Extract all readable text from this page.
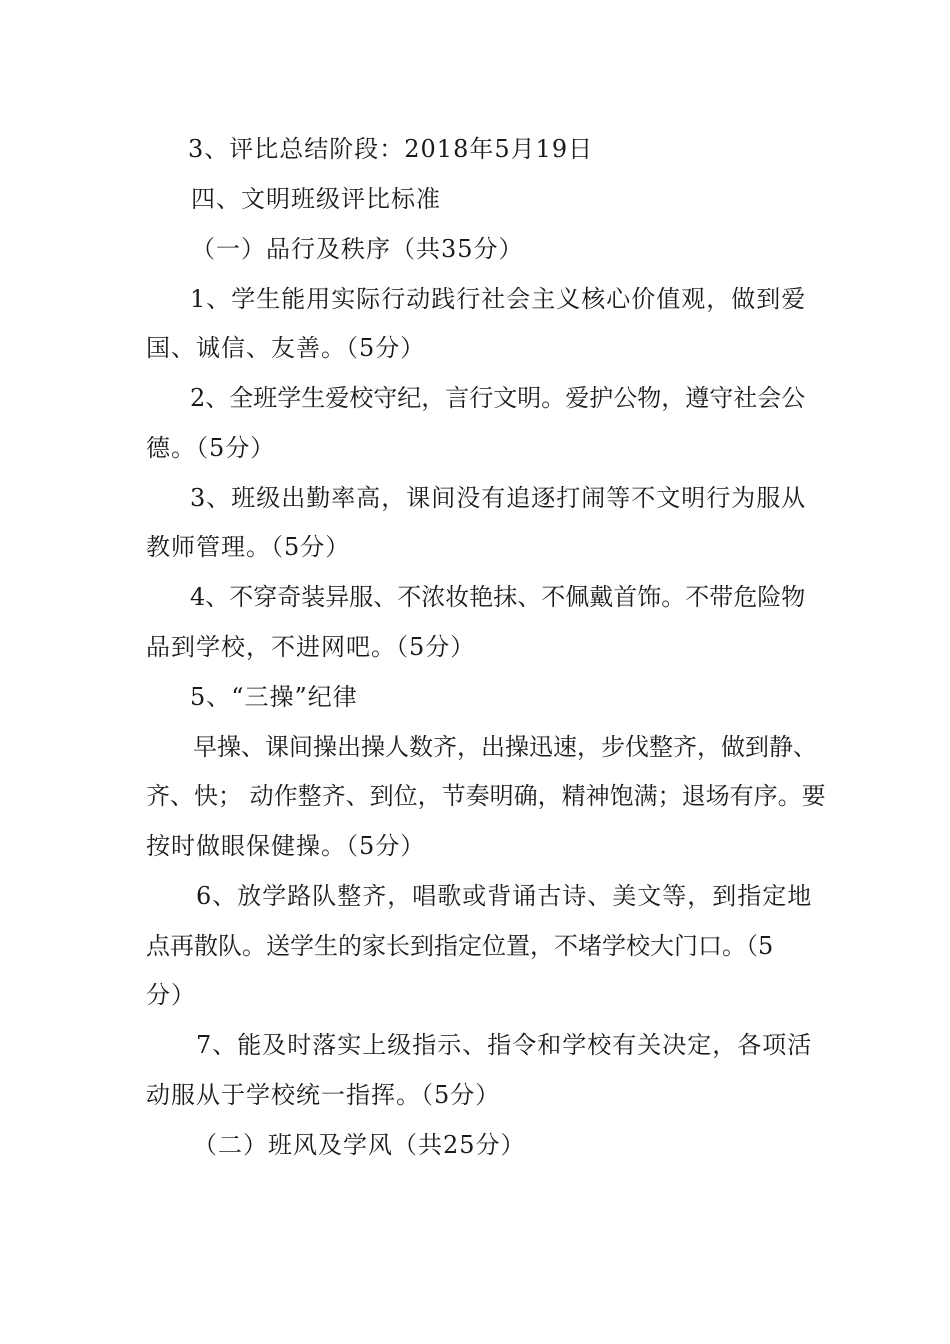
3、评比总结阶段：2018年5月19日
四、文明班级评比标准
（一）品行及秩序（共35分）
1、学生能用实际行动践行社会主义核心价值观，做到爱
国、诚信、友善。（5分）
2、全班学生爱校守纪，言行文明。爱护公物，遵守社会公
德。（5分）
3、班级出勤率高，课间没有追逐打闹等不文明行为服从
教师管理。（5分）
4、不穿奇装异服、不浓妆艳抹、不佩戴首饰。不带危险物
品到学校，不进网吧。（5分）
5、“三操”纪律
早操、课间操出操人数齐，出操迅速，步伐整齐，做到静、
齐、快； 动作整齐、到位，节奏明确，精神饱满；退场有序。要
按时做眼保健操。（5分）
6、放学路队整齐，唱歌或背诵古诗、美文等，到指定地
点再散队。送学生的家长到指定位置，不堵学校大门口。（5
分）
7、能及时落实上级指示、指令和学校有关决定，各项活
动服从于学校统一指挥。（5分）
（二）班风及学风（共25分）
